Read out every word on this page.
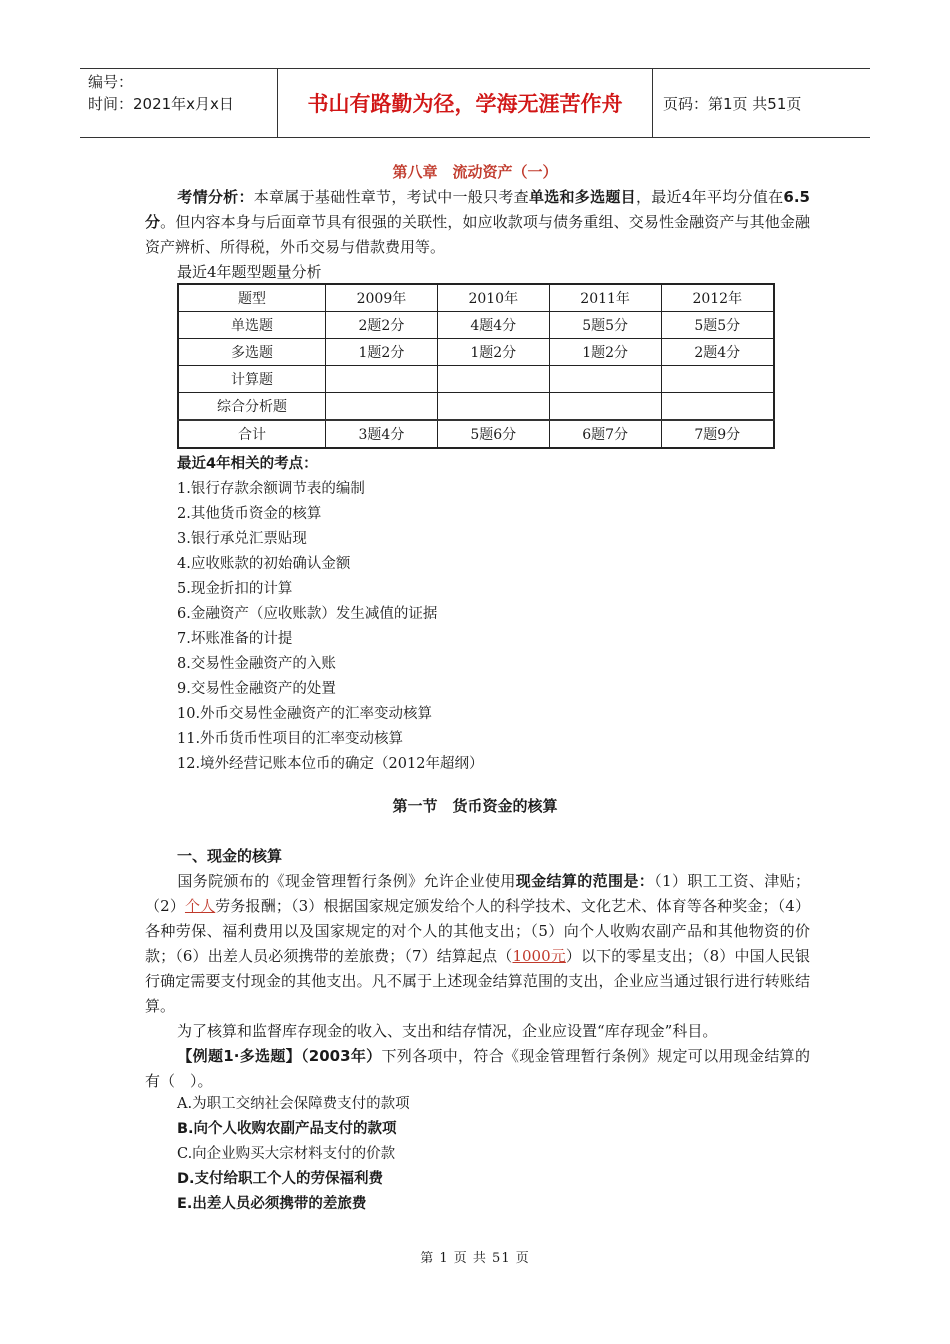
编号：
时间：2021年x月x日	书山有路勤为径，学海无涯苦作舟	页码：第1页 共51页
第八章　流动资产（一）
考情分析：本章属于基础性章节，考试中一般只考查单选和多选题目，最近4年平均分值在6.5分。但内容本身与后面章节具有很强的关联性，如应收款项与债务重组、交易性金融资产与其他金融资产辨析、所得税，外币交易与借款费用等。
最近4年题型题量分析
题型	2009年	2010年	2011年	2012年
单选题	2题2分	4题4分	5题5分	5题5分
多选题	1题2分	1题2分	1题2分	2题4分
计算题				
综合分析题				
合计	3题4分	5题6分	6题7分	7题9分
最近4年相关的考点：
1.银行存款余额调节表的编制
2.其他货币资金的核算
3.银行承兑汇票贴现
4.应收账款的初始确认金额
5.现金折扣的计算
6.金融资产（应收账款）发生减值的证据
7.坏账准备的计提
8.交易性金融资产的入账
9.交易性金融资产的处置
10.外币交易性金融资产的汇率变动核算
11.外币货币性项目的汇率变动核算
12.境外经营记账本位币的确定（2012年超纲）
第一节　货币资金的核算
一、现金的核算
国务院颁布的《现金管理暂行条例》允许企业使用现金结算的范围是：（1）职工工资、津贴；（2）个人劳务报酬；（3）根据国家规定颁发给个人的科学技术、文化艺术、体育等各种奖金；（4）各种劳保、福利费用以及国家规定的对个人的其他支出；（5）向个人收购农副产品和其他物资的价款；（6）出差人员必须携带的差旅费；（7）结算起点（1000元）以下的零星支出；（8）中国人民银行确定需要支付现金的其他支出。凡不属于上述现金结算范围的支出，企业应当通过银行进行转账结算。
为了核算和监督库存现金的收入、支出和结存情况，企业应设置“库存现金”科目。
【例题1·多选题】（2003年）下列各项中，符合《现金管理暂行条例》规定可以用现金结算的有（　）。
A.为职工交纳社会保障费支付的款项
B.向个人收购农副产品支付的款项
C.向企业购买大宗材料支付的价款
D.支付给职工个人的劳保福利费
E.出差人员必须携带的差旅费
第 1 页 共 51 页
